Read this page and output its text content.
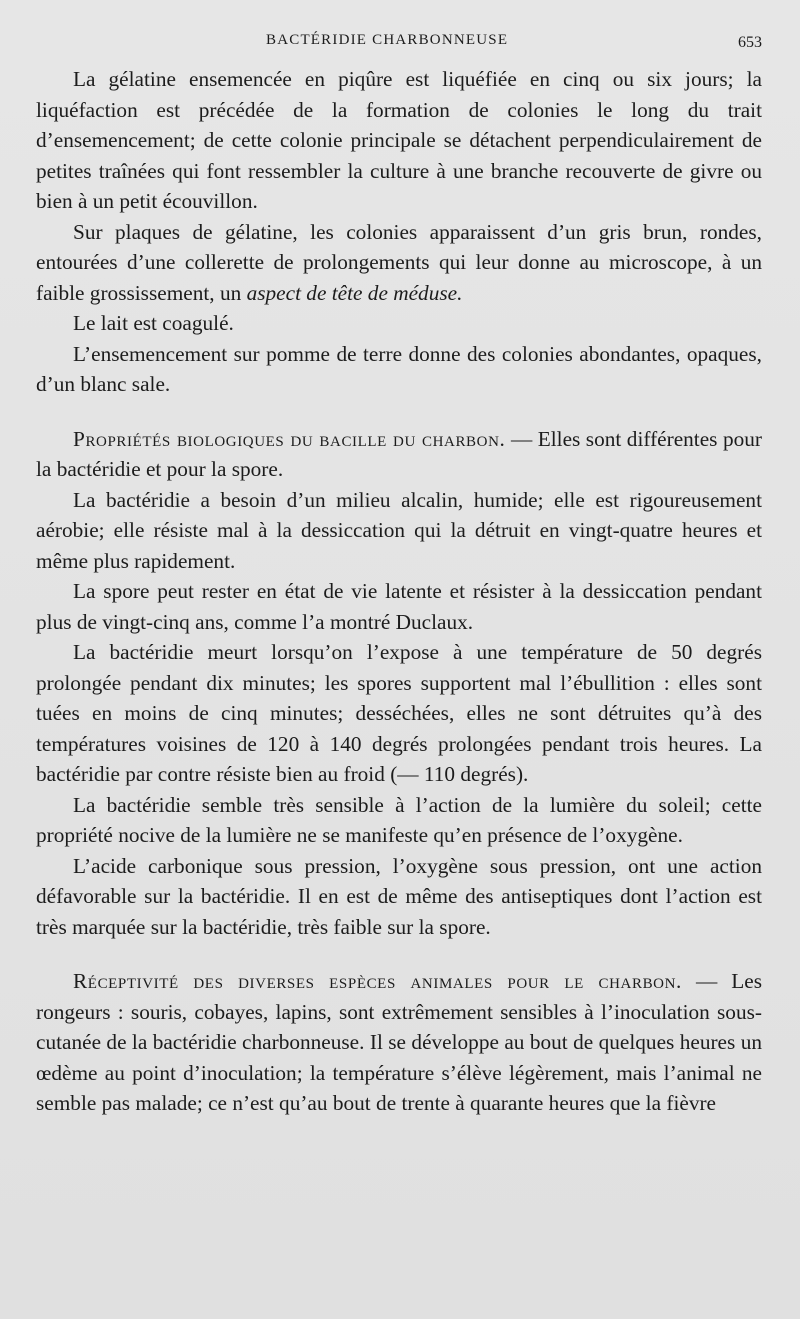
BACTÉRIDIE CHARBONNEUSE	653

La gélatine ensemencée en piqûre est liquéfiée en cinq ou six jours; la liquéfaction est précédée de la formation de colonies le long du trait d’ensemencement; de cette colonie principale se détachent perpendiculairement de petites traînées qui font ressembler la culture à une branche recouverte de givre ou bien à un petit écouvillon.

Sur plaques de gélatine, les colonies apparaissent d’un gris brun, rondes, entourées d’une collerette de prolongements qui leur donne au microscope, à un faible grossissement, un aspect de tête de méduse.

Le lait est coagulé.

L’ensemencement sur pomme de terre donne des colonies abondantes, opaques, d’un blanc sale.

Propriétés biologiques du bacille du charbon. — Elles sont différentes pour la bactéridie et pour la spore.

La bactéridie a besoin d’un milieu alcalin, humide; elle est rigoureusement aérobie; elle résiste mal à la dessiccation qui la détruit en vingt-quatre heures et même plus rapidement.

La spore peut rester en état de vie latente et résister à la dessiccation pendant plus de vingt-cinq ans, comme l’a montré Duclaux.

La bactéridie meurt lorsqu’on l’expose à une température de 50 degrés prolongée pendant dix minutes; les spores supportent mal l’ébullition : elles sont tuées en moins de cinq minutes; desséchées, elles ne sont détruites qu’à des températures voisines de 120 à 140 degrés prolongées pendant trois heures. La bactéridie par contre résiste bien au froid (— 110 degrés).

La bactéridie semble très sensible à l’action de la lumière du soleil; cette propriété nocive de la lumière ne se manifeste qu’en présence de l’oxygène.

L’acide carbonique sous pression, l’oxygène sous pression, ont une action défavorable sur la bactéridie. Il en est de même des antiseptiques dont l’action est très marquée sur la bactéridie, très faible sur la spore.

Réceptivité des diverses espèces animales pour le charbon. — Les rongeurs : souris, cobayes, lapins, sont extrêmement sensibles à l’inoculation sous-cutanée de la bactéridie charbonneuse. Il se développe au bout de quelques heures un œdème au point d’inoculation; la température s’élève légèrement, mais l’animal ne semble pas malade; ce n’est qu’au bout de trente à quarante heures que la fièvre
